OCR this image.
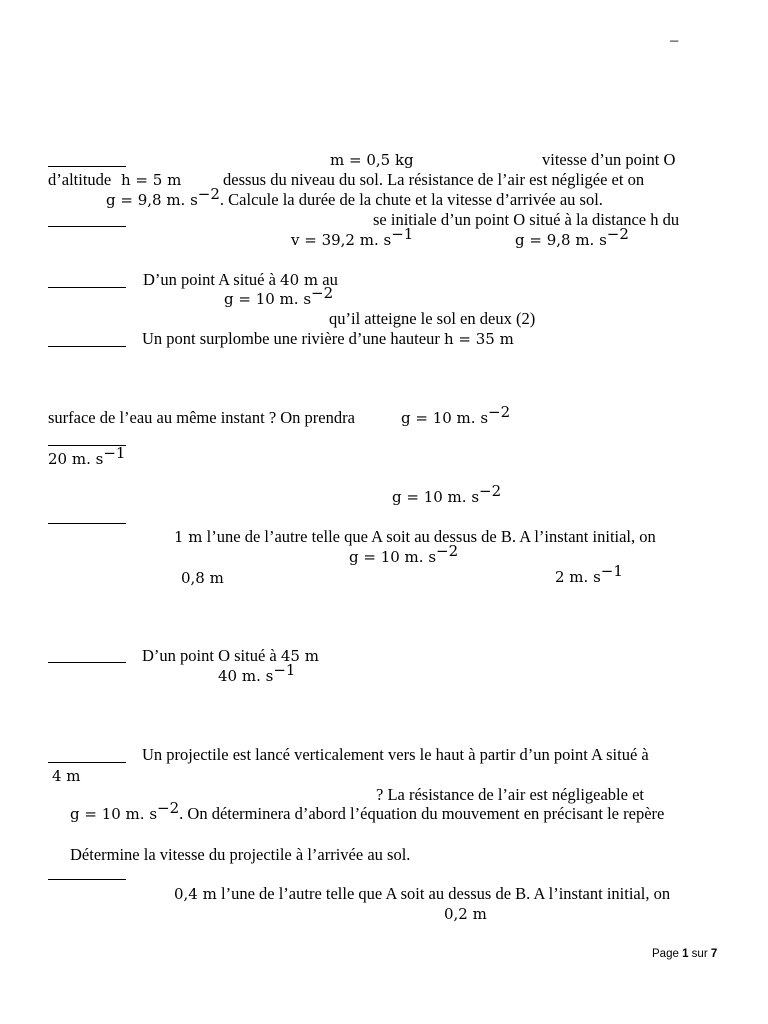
–
m = 0,5 kg	vitesse d’un point O
d’altitude h = 5 m	dessus du niveau du sol. La résistance de l’air est négligée et on
g = 9,8 m. $s^{-2}$. Calcule la durée de la chute et la vitesse d’arrivée au sol.
se initiale d’un point O situé à la distance h du
v = 39,2 m. $s^{-1}$	g = 9,8 m. $s^{-2}$
D’un point A situé à 40 m au
g = 10 m. $s^{-2}$
qu’il atteigne le sol en deux (2)
Un pont surplombe une rivière d’une hauteur h = 35 m
surface de l’eau au même instant ? On prendra	g = 10 m. $s^{-2}$
20 m. $s^{-1}$
g = 10 m. $s^{-2}$
1 m l’une de l’autre telle que A soit au dessus de B. A l’instant initial, on
g = 10 m. $s^{-2}$
0,8 m	2 m. $s^{-1}$
D’un point O situé à 45 m
40 m. $s^{-1}$
Un projectile est lancé verticalement vers le haut à partir d’un point A situé à
4 m
? La résistance de l’air est négligeable et
g = 10 m. $s^{-2}$. On déterminera d’abord l’équation du mouvement en précisant le repère
Détermine la vitesse du projectile à l’arrivée au sol.
0,4 m l’une de l’autre telle que A soit au dessus de B. A l’instant initial, on
0,2 m
Page 1 sur 7
